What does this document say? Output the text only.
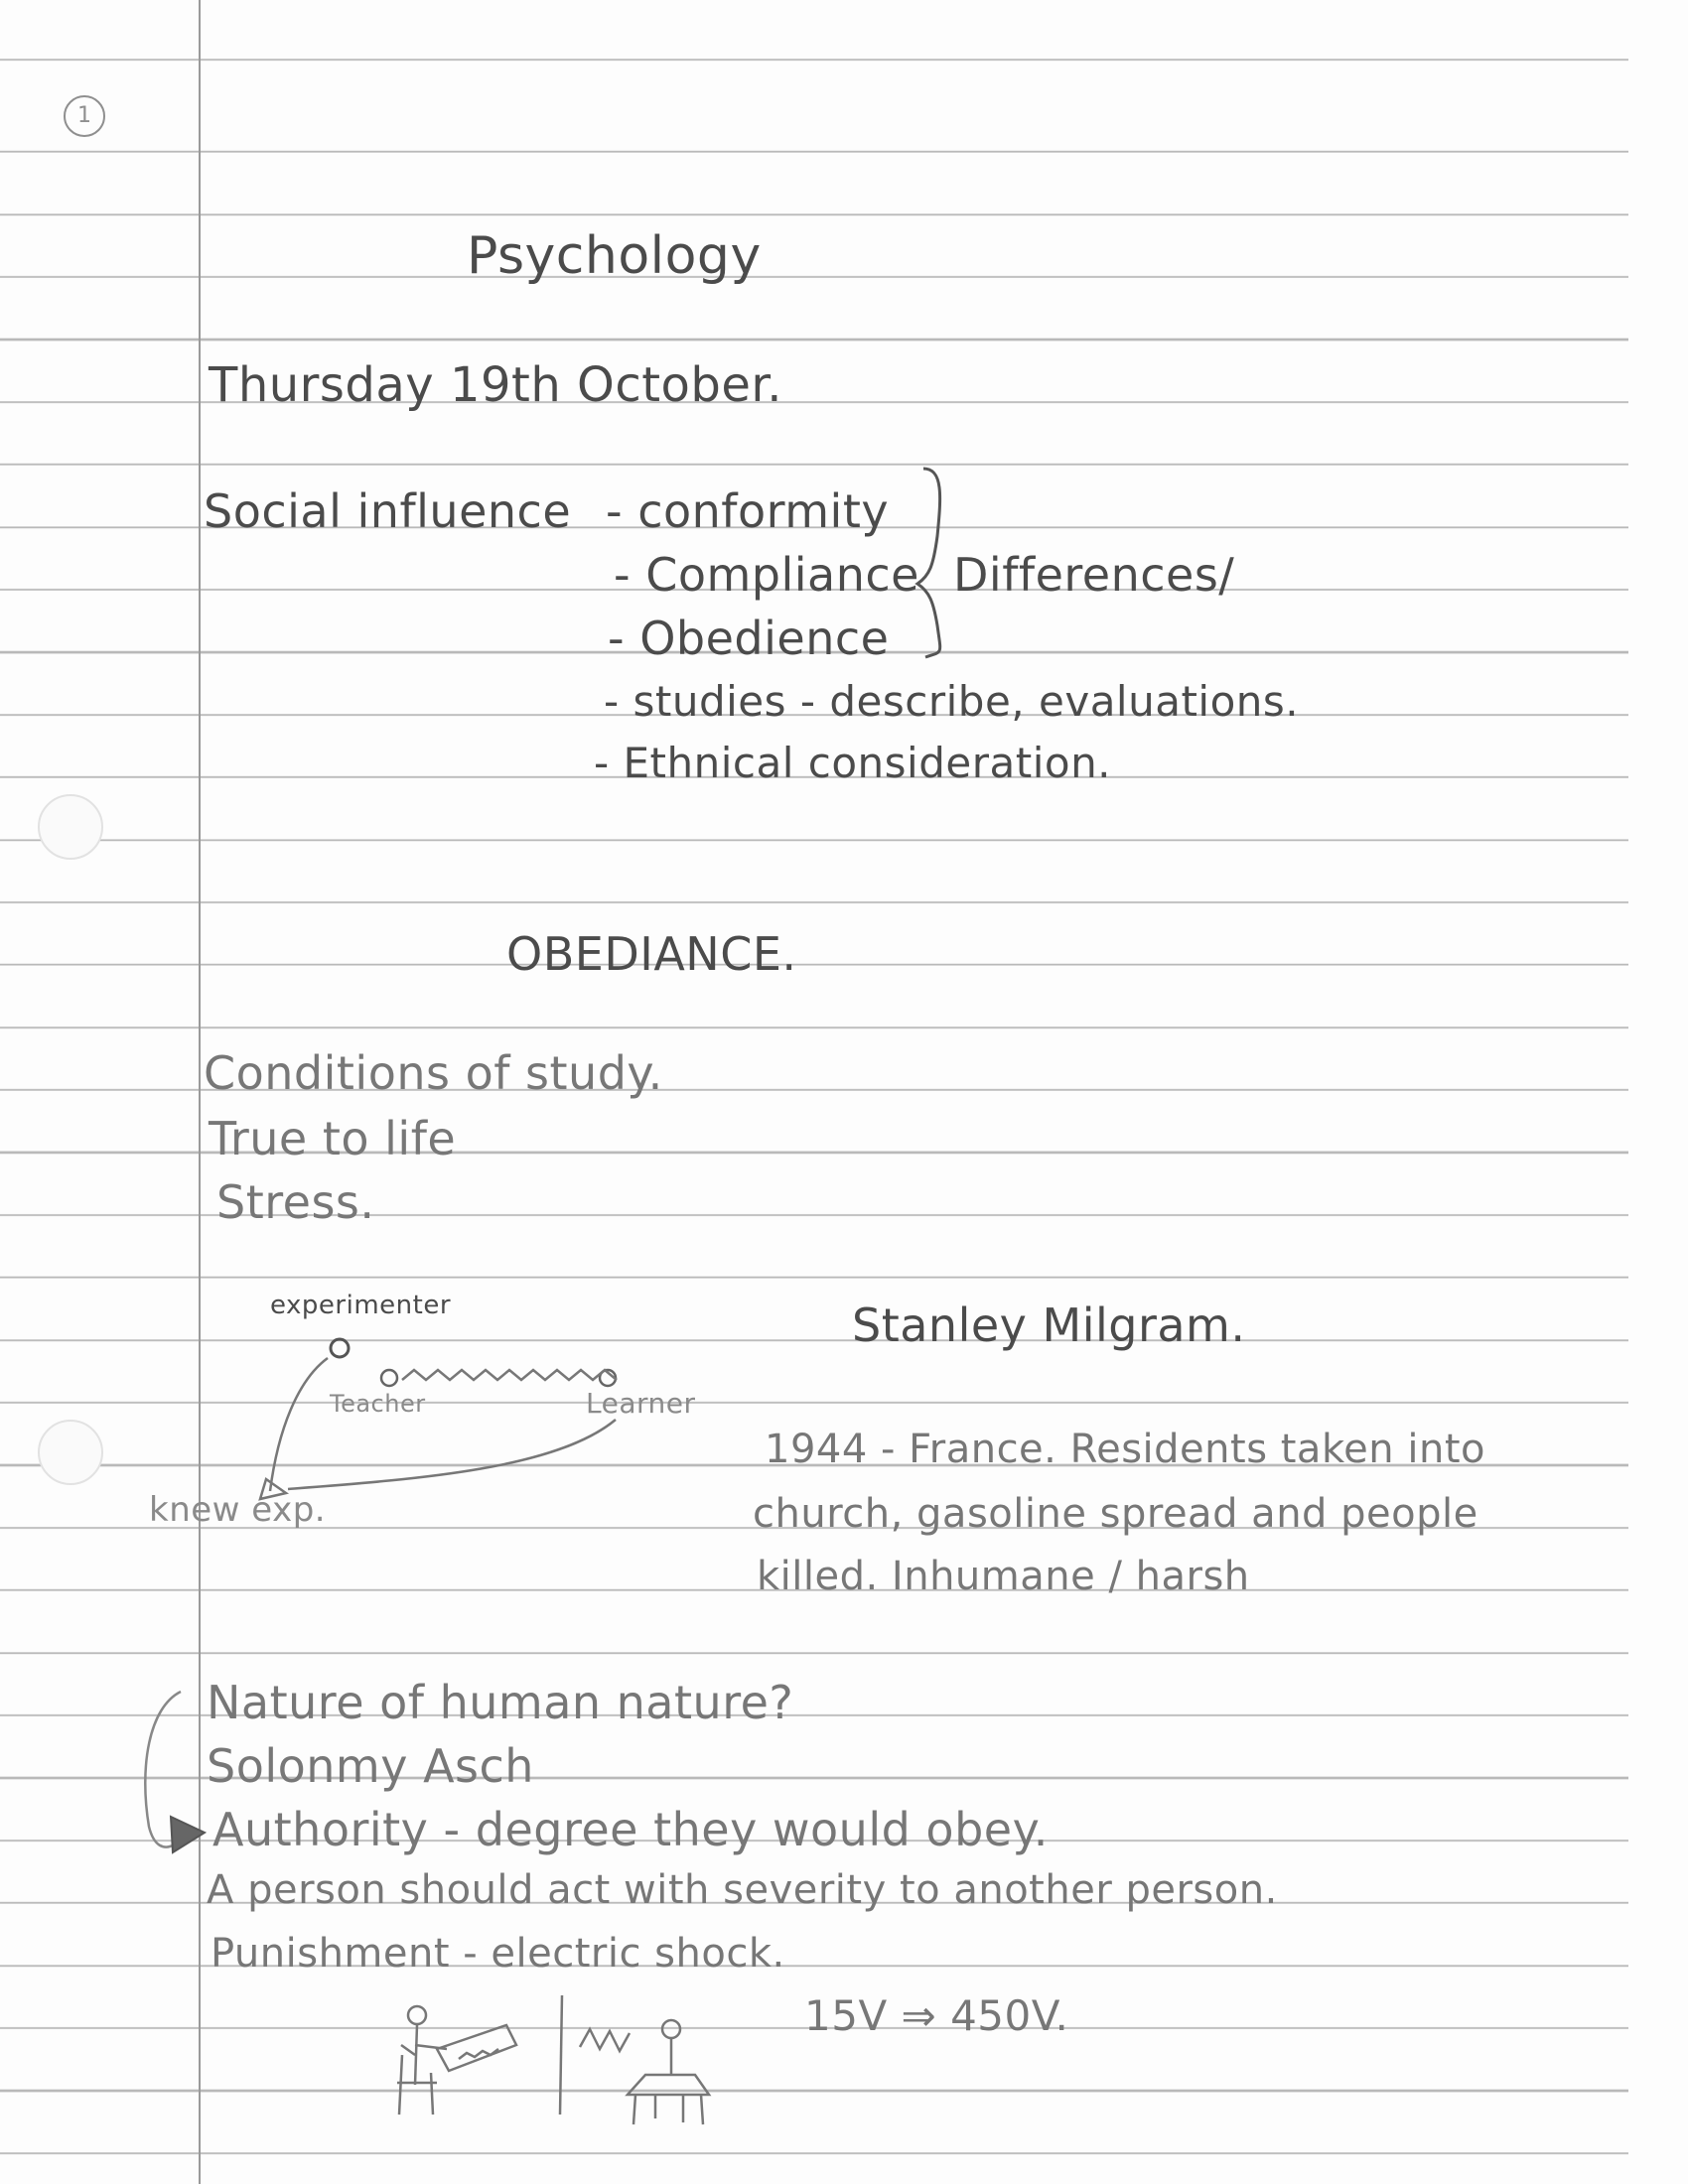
1
Psychology
Thursday 19th October.
Social influence - conformity
- Compliance
- Obedience
- studies - describe, evaluations.
- Ethnical consideration.
Differences/
OBEDIANCE.
Conditions of study.
True to life
Stress.
experimenter
Teacher	Learner
knew exp.
Stanley Milgram.
1944 - France. Residents taken into
church, gasoline spread and people
killed. Inhumane / harsh
Nature of human nature?
Solonmy Asch
Authority - degree they would obey.
A person should act with severity to another person.
Punishment - electric shock.
15V ⇒ 450V.
